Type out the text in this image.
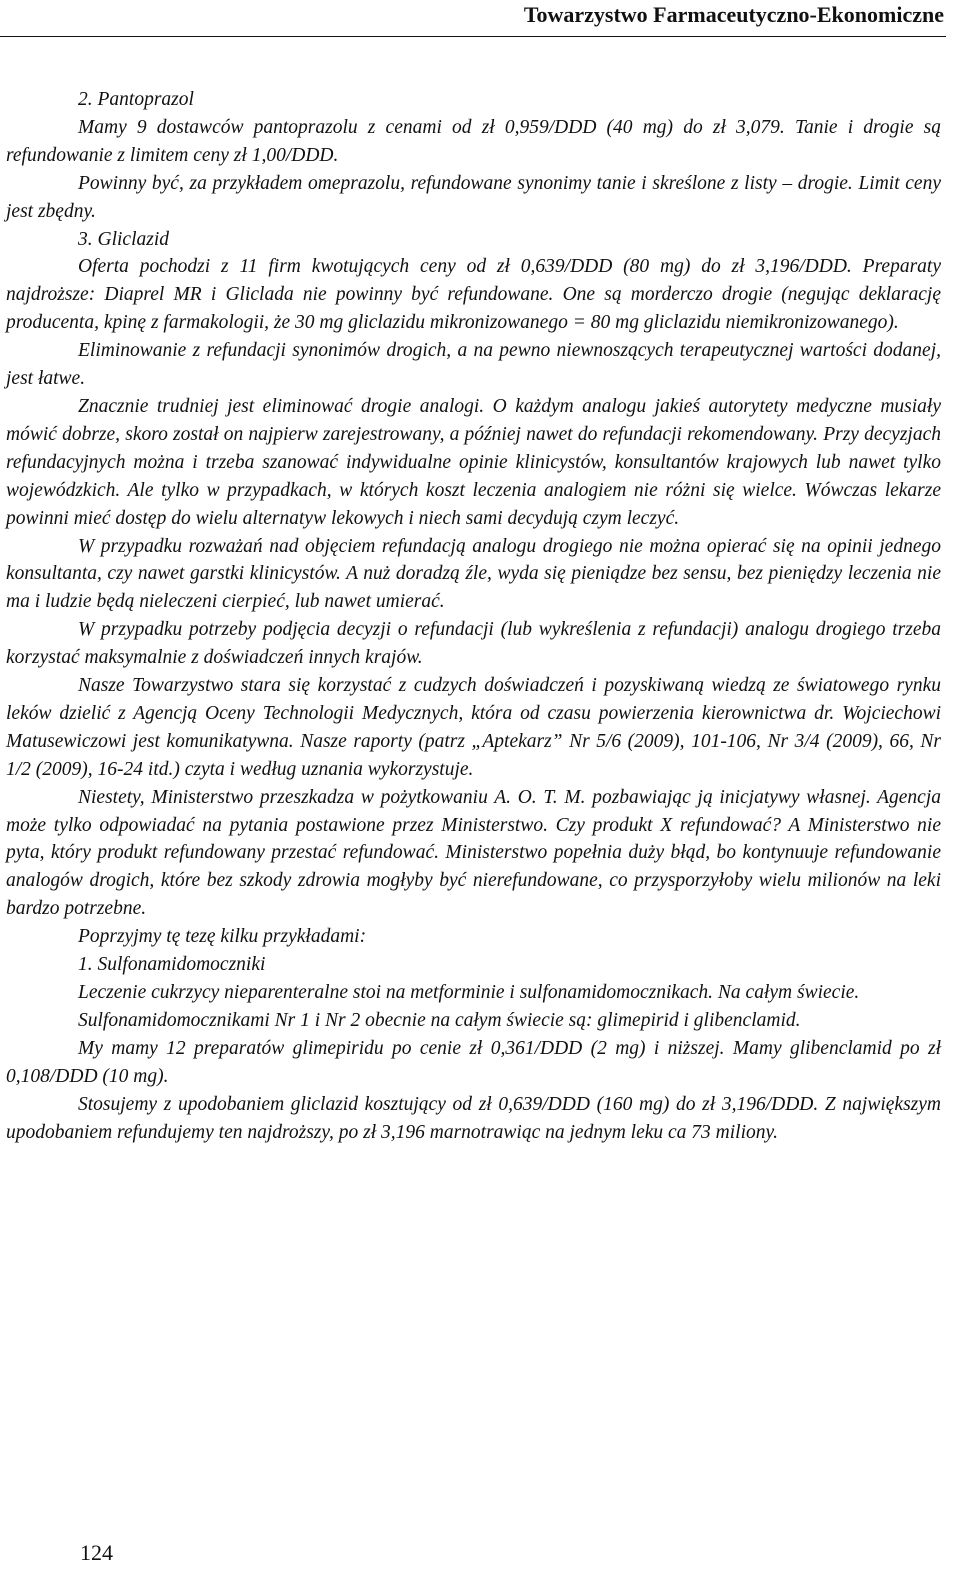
Towarzystwo Farmaceutyczno-Ekonomiczne

2. Pantoprazol

Mamy 9 dostawców pantoprazolu z cenami od zł 0,959/DDD (40 mg) do zł 3,079. Tanie i drogie są refundowanie z limitem ceny zł 1,00/DDD.

Powinny być, za przykładem omeprazolu, refundowane synonimy tanie i skreślone z listy – drogie. Limit ceny jest zbędny.

3. Gliclazid

Oferta pochodzi z 11 firm kwotujących ceny od zł 0,639/DDD (80 mg) do zł 3,196/DDD. Preparaty najdroższe: Diaprel MR i Gliclada nie powinny być refundowane. One są morderczo drogie (negując deklarację producenta, kpinę z farmakologii, że 30 mg gliclazidu mikronizowanego = 80 mg gliclazidu niemikronizowanego).

Eliminowanie z refundacji synonimów drogich, a na pewno niewnoszących terapeutycznej wartości dodanej, jest łatwe.

Znacznie trudniej jest eliminować drogie analogi. O każdym analogu jakieś autorytety medyczne musiały mówić dobrze, skoro został on najpierw zarejestrowany, a później nawet do refundacji rekomendowany. Przy decyzjach refundacyjnych można i trzeba szanować indywidualne opinie klinicystów, konsultantów krajowych lub nawet tylko wojewódzkich. Ale tylko w przypadkach, w których koszt leczenia analogiem nie różni się wielce. Wówczas lekarze powinni mieć dostęp do wielu alternatyw lekowych i niech sami decydują czym leczyć.

W przypadku rozważań nad objęciem refundacją analogu drogiego nie można opierać się na opinii jednego konsultanta, czy nawet garstki klinicystów. A nuż doradzą źle, wyda się pieniądze bez sensu, bez pieniędzy leczenia nie ma i ludzie będą nieleczeni cierpieć, lub nawet umierać.

W przypadku potrzeby podjęcia decyzji o refundacji (lub wykreślenia z refundacji) analogu drogiego trzeba korzystać maksymalnie z doświadczeń innych krajów.

Nasze Towarzystwo stara się korzystać z cudzych doświadczeń i pozyskiwaną wiedzą ze światowego rynku leków dzielić z Agencją Oceny Technologii Medycznych, która od czasu powierzenia kierownictwa dr. Wojciechowi Matusewiczowi jest komunikatywna. Nasze raporty (patrz „Aptekarz” Nr 5/6 (2009), 101-106, Nr 3/4 (2009), 66, Nr 1/2 (2009), 16-24 itd.) czyta i według uznania wykorzystuje.

Niestety, Ministerstwo przeszkadza w pożytkowaniu A. O. T. M. pozbawiając ją inicjatywy własnej. Agencja może tylko odpowiadać na pytania postawione przez Ministerstwo. Czy produkt X refundować? A Ministerstwo nie pyta, który produkt refundowany przestać refundować. Ministerstwo popełnia duży błąd, bo kontynuuje refundowanie analogów drogich, które bez szkody zdrowia mogłyby być nierefundowane, co przysporzyłoby wielu milionów na leki bardzo potrzebne.

Poprzyjmy tę tezę kilku przykładami:

1. Sulfonamidomoczniki

Leczenie cukrzycy nieparenteralne stoi na metforminie i sulfonamidomocznikach. Na całym świecie.

Sulfonamidomocznikami Nr 1 i Nr 2 obecnie na całym świecie są: glimepirid i glibenclamid.

My mamy 12 preparatów glimepiridu po cenie zł 0,361/DDD (2 mg) i niższej. Mamy glibenclamid po zł 0,108/DDD (10 mg).

Stosujemy z upodobaniem gliclazid kosztujący od zł 0,639/DDD (160 mg) do zł 3,196/DDD. Z największym upodobaniem refundujemy ten najdroższy, po zł 3,196 marnotrawiąc na jednym leku ca 73 miliony.

124
